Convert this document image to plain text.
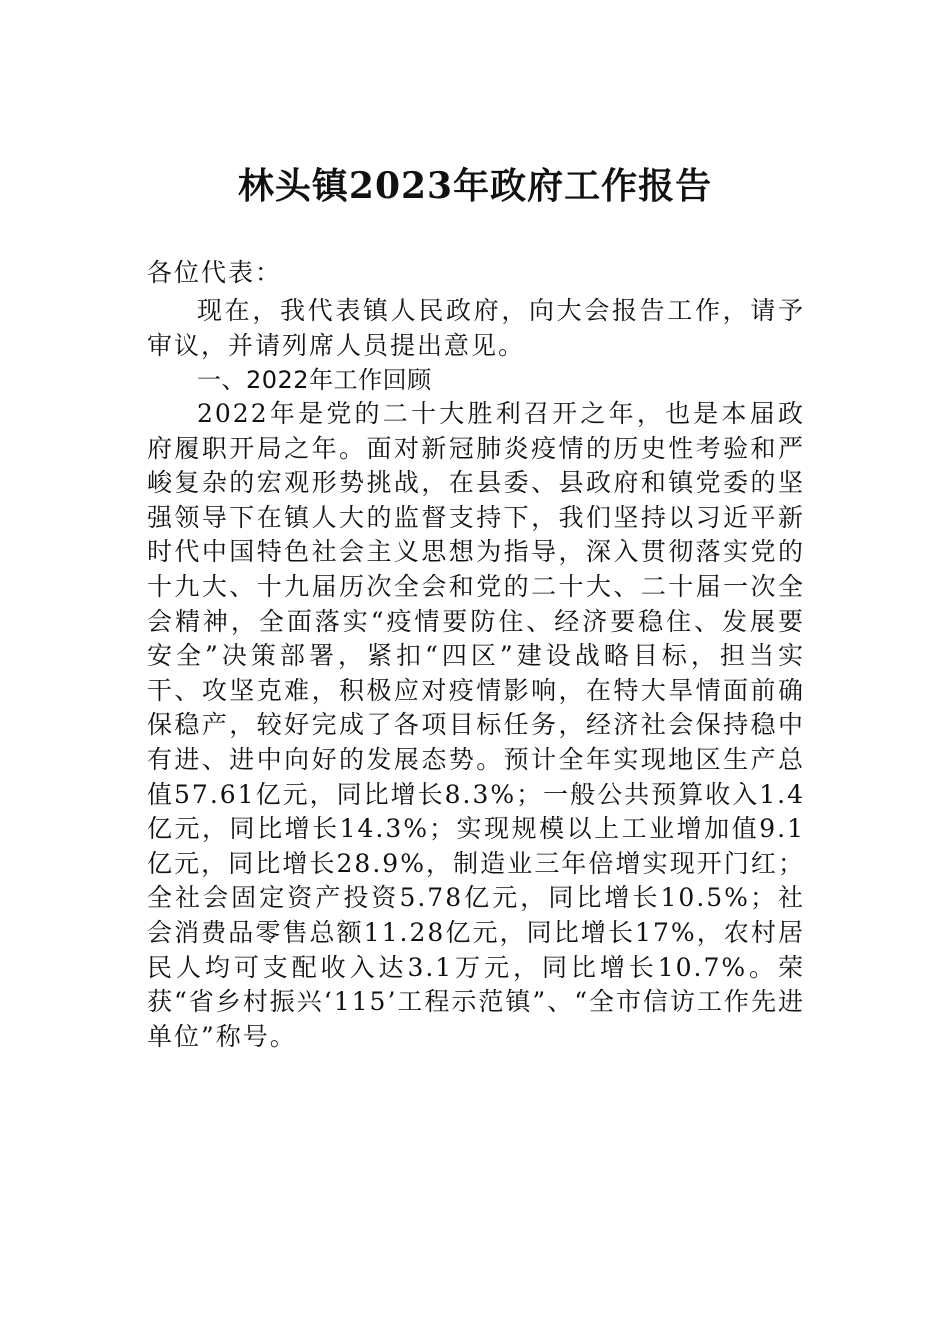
林头镇2023年政府工作报告
各位代表：
现在，我代表镇人民政府，向大会报告工作，请予审议，并请列席人员提出意见。
一、2022年工作回顾
2022年是党的二十大胜利召开之年，也是本届政府履职开局之年。面对新冠肺炎疫情的历史性考验和严峻复杂的宏观形势挑战，在县委、县政府和镇党委的坚强领导下在镇人大的监督支持下，我们坚持以习近平新时代中国特色社会主义思想为指导，深入贯彻落实党的十九大、十九届历次全会和党的二十大、二十届一次全会精神，全面落实“疫情要防住、经济要稳住、发展要安全”决策部署，紧扣“四区”建设战略目标，担当实干、攻坚克难，积极应对疫情影响，在特大旱情面前确保稳产，较好完成了各项目标任务，经济社会保持稳中有进、进中向好的发展态势。预计全年实现地区生产总值57.61亿元，同比增长8.3%；一般公共预算收入1.4亿元，同比增长14.3%；实现规模以上工业增加值9.1亿元，同比增长28.9%，制造业三年倍增实现开门红；全社会固定资产投资5.78亿元，同比增长10.5%；社会消费品零售总额11.28亿元，同比增长17%，农村居民人均可支配收入达3.1万元，同比增长10.7%。荣获“省乡村振兴‘115’工程示范镇”、“全市信访工作先进单位”称号。
